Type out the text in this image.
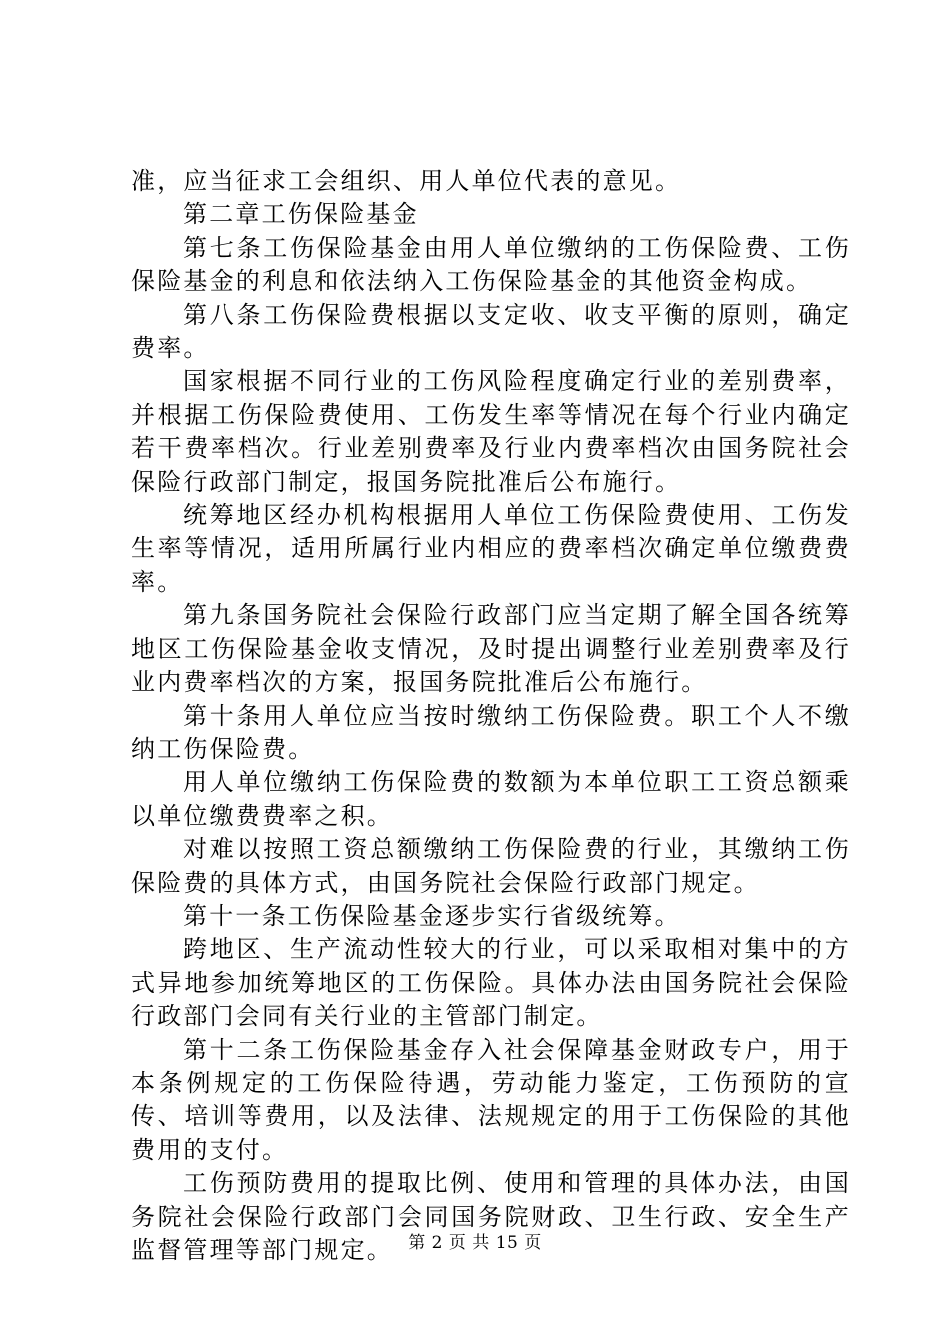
准，应当征求工会组织、用人单位代表的意见。

第二章工伤保险基金

第七条工伤保险基金由用人单位缴纳的工伤保险费、工伤保险基金的利息和依法纳入工伤保险基金的其他资金构成。

第八条工伤保险费根据以支定收、收支平衡的原则，确定费率。

国家根据不同行业的工伤风险程度确定行业的差别费率，并根据工伤保险费使用、工伤发生率等情况在每个行业内确定若干费率档次。行业差别费率及行业内费率档次由国务院社会保险行政部门制定，报国务院批准后公布施行。

统筹地区经办机构根据用人单位工伤保险费使用、工伤发生率等情况，适用所属行业内相应的费率档次确定单位缴费费率。

第九条国务院社会保险行政部门应当定期了解全国各统筹地区工伤保险基金收支情况，及时提出调整行业差别费率及行业内费率档次的方案，报国务院批准后公布施行。

第十条用人单位应当按时缴纳工伤保险费。职工个人不缴纳工伤保险费。

用人单位缴纳工伤保险费的数额为本单位职工工资总额乘以单位缴费费率之积。

对难以按照工资总额缴纳工伤保险费的行业，其缴纳工伤保险费的具体方式，由国务院社会保险行政部门规定。

第十一条工伤保险基金逐步实行省级统筹。

跨地区、生产流动性较大的行业，可以采取相对集中的方式异地参加统筹地区的工伤保险。具体办法由国务院社会保险行政部门会同有关行业的主管部门制定。

第十二条工伤保险基金存入社会保障基金财政专户，用于本条例规定的工伤保险待遇，劳动能力鉴定，工伤预防的宣传、培训等费用，以及法律、法规规定的用于工伤保险的其他费用的支付。

工伤预防费用的提取比例、使用和管理的具体办法，由国务院社会保险行政部门会同国务院财政、卫生行政、安全生产监督管理等部门规定。 第 2 页 共 15 页
